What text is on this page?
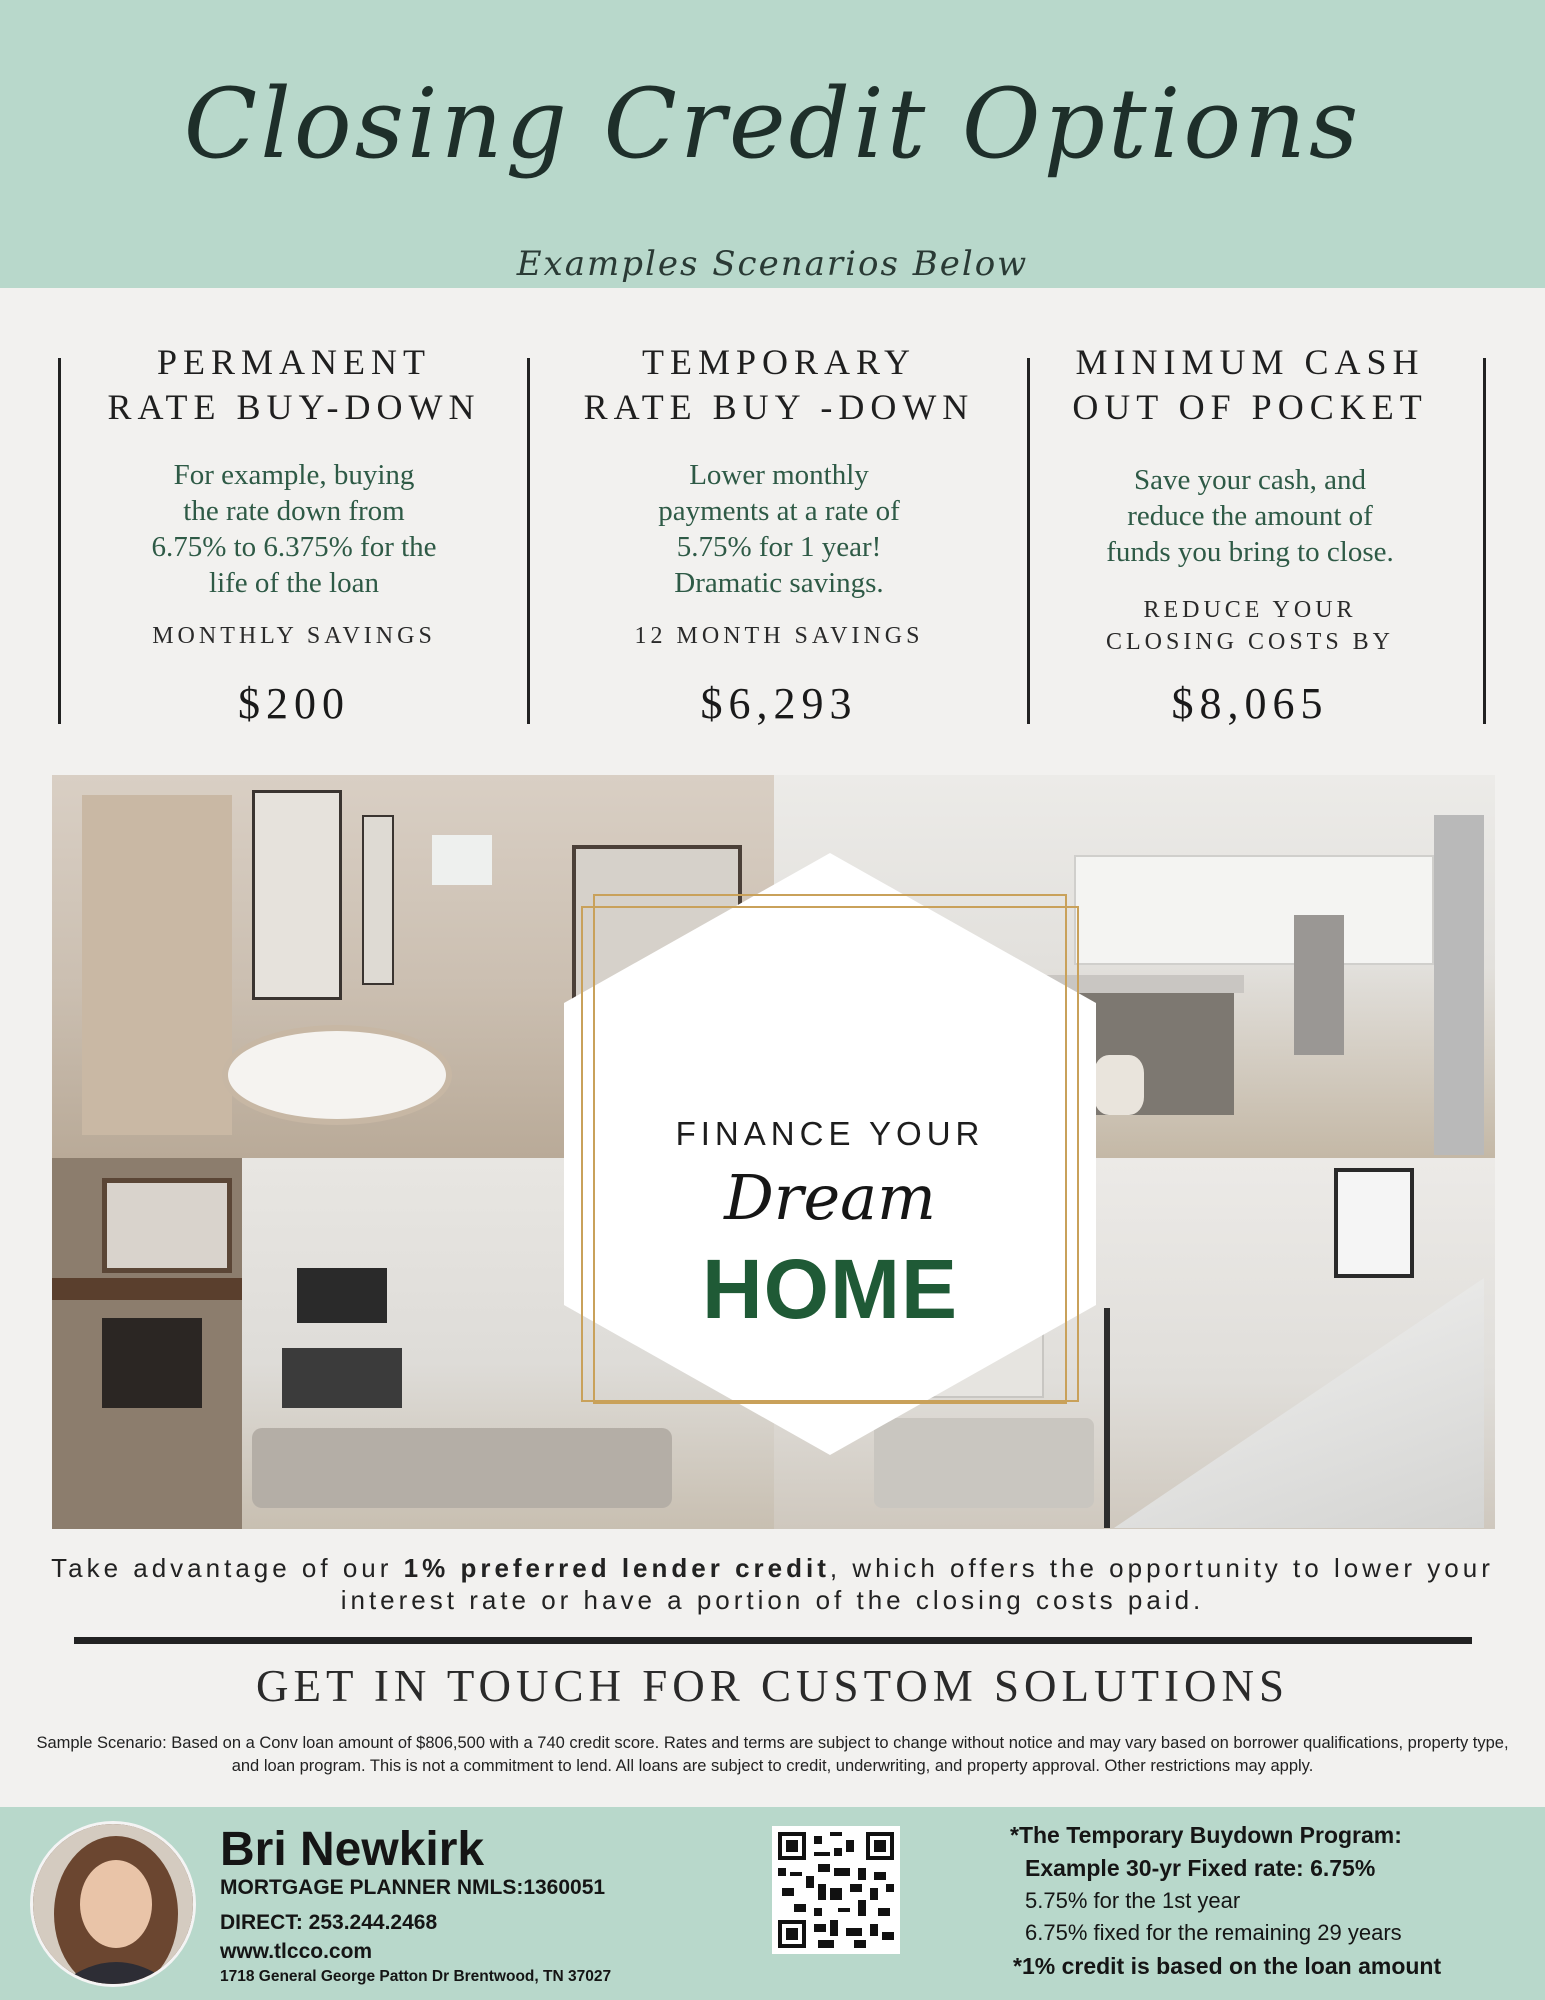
Closing Credit Options
Examples Scenarios Below
PERMANENT
RATE BUY-DOWN
For example, buying
the rate down from
6.75% to 6.375% for the
life of the loan
MONTHLY SAVINGS
$200
TEMPORARY
RATE BUY -DOWN
Lower monthly
payments at a rate of
5.75% for 1 year!
Dramatic savings.
12 MONTH SAVINGS
$6,293
MINIMUM CASH
OUT OF POCKET
Save your cash, and
reduce the amount of
funds you bring to close.
REDUCE YOUR
CLOSING COSTS BY
$8,065
FINANCE YOUR
Dream
HOME
Take advantage of our 1% preferred lender credit, which offers the opportunity to lower your interest rate or have a portion of the closing costs paid.
GET IN TOUCH FOR CUSTOM SOLUTIONS
Sample Scenario: Based on a Conv loan amount of $806,500 with a 740 credit score. Rates and terms are subject to change without notice and may vary based on borrower qualifications, property type, and loan program. This is not a commitment to lend. All loans are subject to credit, underwriting, and property approval. Other restrictions may apply.
Bri Newkirk
MORTGAGE PLANNER NMLS:1360051
DIRECT: 253.244.2468
www.tlcco.com
1718 General George Patton Dr Brentwood, TN 37027
*The Temporary Buydown Program:
Example 30-yr Fixed rate: 6.75%
5.75% for the 1st year
6.75% fixed for the remaining 29 years
*1% credit is based on the loan amount
